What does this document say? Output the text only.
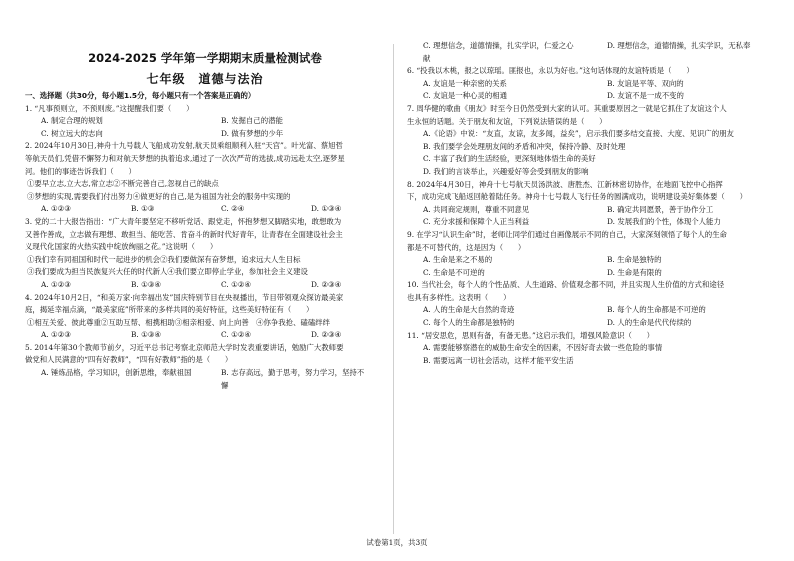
2024-2025 学年第一学期期末质量检测试卷
七年级　道德与法治

一、选择题（共30分，每小题1.5分，每小题只有一个答案是正确的）

1. “凡事预则立，不预则废。”这提醒我们要（　　）

A. 制定合理的规划	B. 发掘自己的潜能
C. 树立远大的志向	D. 做有梦想的少年

2. 2024年10月30日,神舟十九号载人飞船成功发射,航天员乘组顺利入驻“天宫”。叶光富、蔡旭哲

等航天员们,凭借不懈努力和对航天梦想的执着追求,通过了一次次严苛的选拔,成功远赴太空,逐梦星

河。他们的事迹告诉我们（　　）

①要早立志,立大志,常立志②不断完善自己,忽视自己的缺点

③梦想的实现,需要我们付出努力④做更好的自己,是为祖国为社会的服务中实现的

A. ①②③	B. ①③	C. ②④	D. ①③④

3. 党的二十大报告指出：“广大青年要坚定不移听党话、跟党走，怀抱梦想又脚踏实地，敢想敢为

又善作善成，立志做有理想、敢担当、能吃苦、肯奋斗的新时代好青年，让青春在全面建设社会主

义现代化国家的火热实践中绽放绚丽之花。”这说明（　　）

①我们幸有同祖国和时代一起进步的机会②我们要做深有奋梦想，追求远大人生目标

③我们要成为担当民族复兴大任的时代新人④我们要立即停止学业，参加社会主义建设

A. ①②③	B. ①③④	C. ①②④	D. ②③④

4. 2024年10月2日，“和美万家·向幸福出发”国庆特别节目在央视播出，节目带领观众探访最美家

庭，揭延幸福点滴，“最美家庭”所带来的多样共同的美好特征，这些美好特征有（　　）

①相互关爱、彼此尊重②互助互帮、相携相助③相亲相爱、向上向善　④你争我抢、磕磕绊绊

A. ①②③	B. ①③④	C. ①②④	D. ②③④

5. 2014年第30个教师节前夕，习近平总书记考察北京师范大学时发表重要讲话，勉励广大教师要

做党和人民满意的“四有好教师”，“四有好教师”指的是（　　）

A. 锤炼品格，学习知识，创新思维，奉献祖国	B. 志存高远，勤于思考，努力学习，坚持不
懈
C. 理想信念，道德情操，扎实学识，仁爱之心	D. 理想信念，道德情操，扎实学识，无私奉
献

6. “投我以木桃，报之以琼瑶。匪报也，永以为好也。”这句话体现的友谊特质是（　　）

A. 友谊是一种亲密的关系	B. 友谊是平等、双向的
C. 友谊是一种心灵的相通	D. 友谊不是一成不变的

7. 周华健的歌曲《朋友》时至今日仍然受到大家的认可。其重要原因之一就是它抓住了友谊这个人

生永恒的话题。关于朋友和友谊，下列说法错误的是（　　）

A.《论语》中说：“友直，友谅，友多闻，益矣”，启示我们要多结交直接、大度、见识广的朋友

B. 我们要学会处理朋友间的矛盾和冲突，保持冷静、及时处理

C. 丰富了我们的生活经验，更深刻地体悟生命的美好

D. 我们的言谈举止，兴趣爱好等会受到朋友的影响

8. 2024年4月30日，神舟十七号航天员汤洪波、唐胜杰、江新林密切协作，在地面飞控中心指挥

下，成功完成飞船返回舱着陆任务。神舟十七号载人飞行任务的圆满成功，说明建设美好集体要（　　）

A. 共同商定规则，尊重不同意见	B. 确定共同愿景，善于协作分工
C. 充分求援和保障个人正当利益	D. 发展我们的个性，体现个人能力

9. 在学习“认识生命”时，老师让同学们通过自画像展示不同的自己，大家深刻领悟了每个人的生命

都是不可替代的，这是因为（　　）

A. 生命是来之不易的	B. 生命是独特的
C. 生命是不可逆的	D. 生命是有限的

10. 当代社会，每个人的个性品质、人生道路、价值观念都不同，并且实现人生价值的方式和途径

也具有多样性。这表明（　　）

A. 人的生命是大自然的奇迹	B. 每个人的生命都是不可逆的
C. 每个人的生命都是独特的	D. 人的生命是代代传续的

11. “居安思危，思则有备，有备无患。”这启示我们，增强风险意识（　　）

A. 需要能够察潜在的威胁生命安全的因素，不因好奇去做一些危险的事情

B. 需要远离一切社会活动，这样才能平安生活

试卷第1页，共3页
